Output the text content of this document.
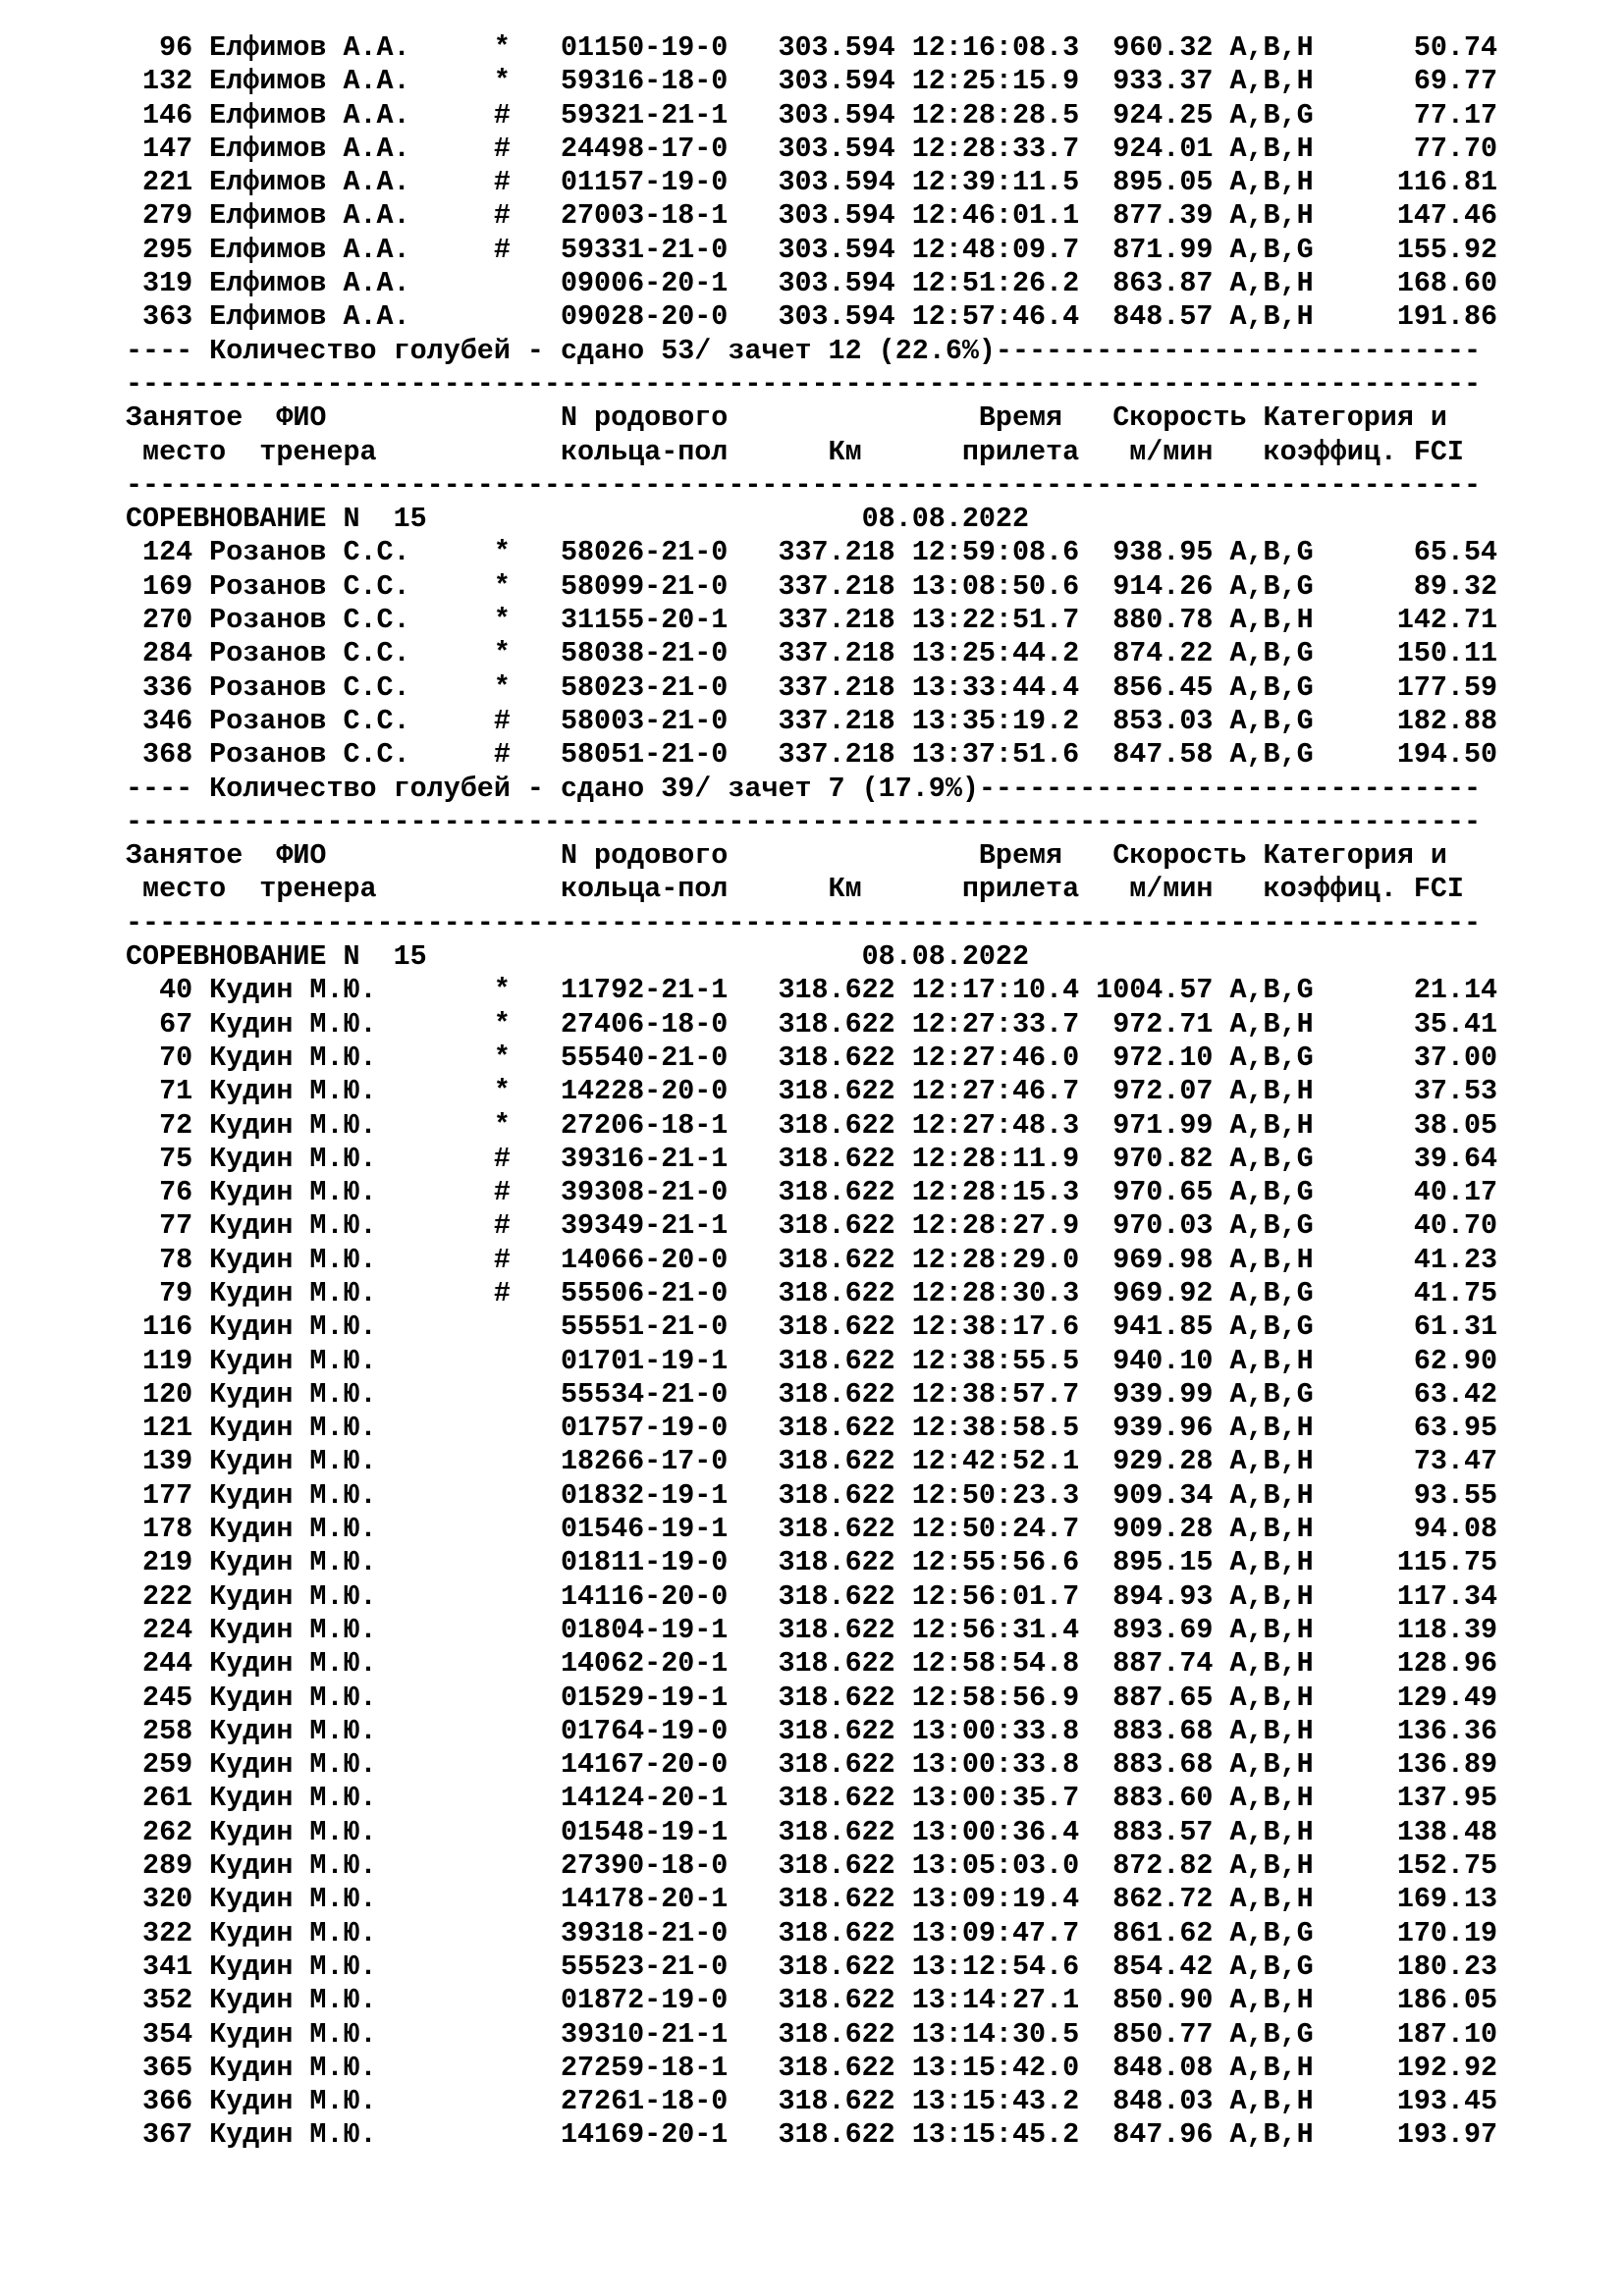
96 Елфимов А.А.     *   01150-19-0   303.594 12:16:08.3  960.32 A,B,H      50.74
132 Елфимов А.А.     *   59316-18-0   303.594 12:25:15.9  933.37 A,B,H      69.77
146 Елфимов А.А.     #   59321-21-1   303.594 12:28:28.5  924.25 A,B,G      77.17
147 Елфимов А.А.     #   24498-17-0   303.594 12:28:33.7  924.01 A,B,H      77.70
221 Елфимов А.А.     #   01157-19-0   303.594 12:39:11.5  895.05 A,B,H     116.81
279 Елфимов А.А.     #   27003-18-1   303.594 12:46:01.1  877.39 A,B,H     147.46
295 Елфимов А.А.     #   59331-21-0   303.594 12:48:09.7  871.99 A,B,G     155.92
319 Елфимов А.А.         09006-20-1   303.594 12:51:26.2  863.87 A,B,H     168.60
363 Елфимов А.А.         09028-20-0   303.594 12:57:46.4  848.57 A,B,H     191.86
---- Количество голубей - сдано 53/ зачет 12 (22.6%)-----------------------------
---------------------------------------------------------------------------------
Занятое  ФИО              N родового               Время   Скорость Категория и
место  тренера           кольца-пол      Км      прилета   м/мин   коэффиц. FCI
---------------------------------------------------------------------------------
СОРЕВНОВАНИЕ N  15                          08.08.2022
124 Розанов С.С.     *   58026-21-0   337.218 12:59:08.6  938.95 A,B,G      65.54
169 Розанов С.С.     *   58099-21-0   337.218 13:08:50.6  914.26 A,B,G      89.32
270 Розанов С.С.     *   31155-20-1   337.218 13:22:51.7  880.78 A,B,H     142.71
284 Розанов С.С.     *   58038-21-0   337.218 13:25:44.2  874.22 A,B,G     150.11
336 Розанов С.С.     *   58023-21-0   337.218 13:33:44.4  856.45 A,B,G     177.59
346 Розанов С.С.     #   58003-21-0   337.218 13:35:19.2  853.03 A,B,G     182.88
368 Розанов С.С.     #   58051-21-0   337.218 13:37:51.6  847.58 A,B,G     194.50
---- Количество голубей - сдано 39/ зачет 7 (17.9%)------------------------------
---------------------------------------------------------------------------------
Занятое  ФИО              N родового               Время   Скорость Категория и
место  тренера           кольца-пол      Км      прилета   м/мин   коэффиц. FCI
---------------------------------------------------------------------------------
СОРЕВНОВАНИЕ N  15                          08.08.2022
40 Кудин М.Ю.       *   11792-21-1   318.622 12:17:10.4 1004.57 A,B,G      21.14
67 Кудин М.Ю.       *   27406-18-0   318.622 12:27:33.7  972.71 A,B,H      35.41
70 Кудин М.Ю.       *   55540-21-0   318.622 12:27:46.0  972.10 A,B,G      37.00
71 Кудин М.Ю.       *   14228-20-0   318.622 12:27:46.7  972.07 A,B,H      37.53
72 Кудин М.Ю.       *   27206-18-1   318.622 12:27:48.3  971.99 A,B,H      38.05
75 Кудин М.Ю.       #   39316-21-1   318.622 12:28:11.9  970.82 A,B,G      39.64
76 Кудин М.Ю.       #   39308-21-0   318.622 12:28:15.3  970.65 A,B,G      40.17
77 Кудин М.Ю.       #   39349-21-1   318.622 12:28:27.9  970.03 A,B,G      40.70
78 Кудин М.Ю.       #   14066-20-0   318.622 12:28:29.0  969.98 A,B,H      41.23
79 Кудин М.Ю.       #   55506-21-0   318.622 12:28:30.3  969.92 A,B,G      41.75
116 Кудин М.Ю.           55551-21-0   318.622 12:38:17.6  941.85 A,B,G      61.31
119 Кудин М.Ю.           01701-19-1   318.622 12:38:55.5  940.10 A,B,H      62.90
120 Кудин М.Ю.           55534-21-0   318.622 12:38:57.7  939.99 A,B,G      63.42
121 Кудин М.Ю.           01757-19-0   318.622 12:38:58.5  939.96 A,B,H      63.95
139 Кудин М.Ю.           18266-17-0   318.622 12:42:52.1  929.28 A,B,H      73.47
177 Кудин М.Ю.           01832-19-1   318.622 12:50:23.3  909.34 A,B,H      93.55
178 Кудин М.Ю.           01546-19-1   318.622 12:50:24.7  909.28 A,B,H      94.08
219 Кудин М.Ю.           01811-19-0   318.622 12:55:56.6  895.15 A,B,H     115.75
222 Кудин М.Ю.           14116-20-0   318.622 12:56:01.7  894.93 A,B,H     117.34
224 Кудин М.Ю.           01804-19-1   318.622 12:56:31.4  893.69 A,B,H     118.39
244 Кудин М.Ю.           14062-20-1   318.622 12:58:54.8  887.74 A,B,H     128.96
245 Кудин М.Ю.           01529-19-1   318.622 12:58:56.9  887.65 A,B,H     129.49
258 Кудин М.Ю.           01764-19-0   318.622 13:00:33.8  883.68 A,B,H     136.36
259 Кудин М.Ю.           14167-20-0   318.622 13:00:33.8  883.68 A,B,H     136.89
261 Кудин М.Ю.           14124-20-1   318.622 13:00:35.7  883.60 A,B,H     137.95
262 Кудин М.Ю.           01548-19-1   318.622 13:00:36.4  883.57 A,B,H     138.48
289 Кудин М.Ю.           27390-18-0   318.622 13:05:03.0  872.82 A,B,H     152.75
320 Кудин М.Ю.           14178-20-1   318.622 13:09:19.4  862.72 A,B,H     169.13
322 Кудин М.Ю.           39318-21-0   318.622 13:09:47.7  861.62 A,B,G     170.19
341 Кудин М.Ю.           55523-21-0   318.622 13:12:54.6  854.42 A,B,G     180.23
352 Кудин М.Ю.           01872-19-0   318.622 13:14:27.1  850.90 A,B,H     186.05
354 Кудин М.Ю.           39310-21-1   318.622 13:14:30.5  850.77 A,B,G     187.10
365 Кудин М.Ю.           27259-18-1   318.622 13:15:42.0  848.08 A,B,H     192.92
366 Кудин М.Ю.           27261-18-0   318.622 13:15:43.2  848.03 A,B,H     193.45
367 Кудин М.Ю.           14169-20-1   318.622 13:15:45.2  847.96 A,B,H     193.97
